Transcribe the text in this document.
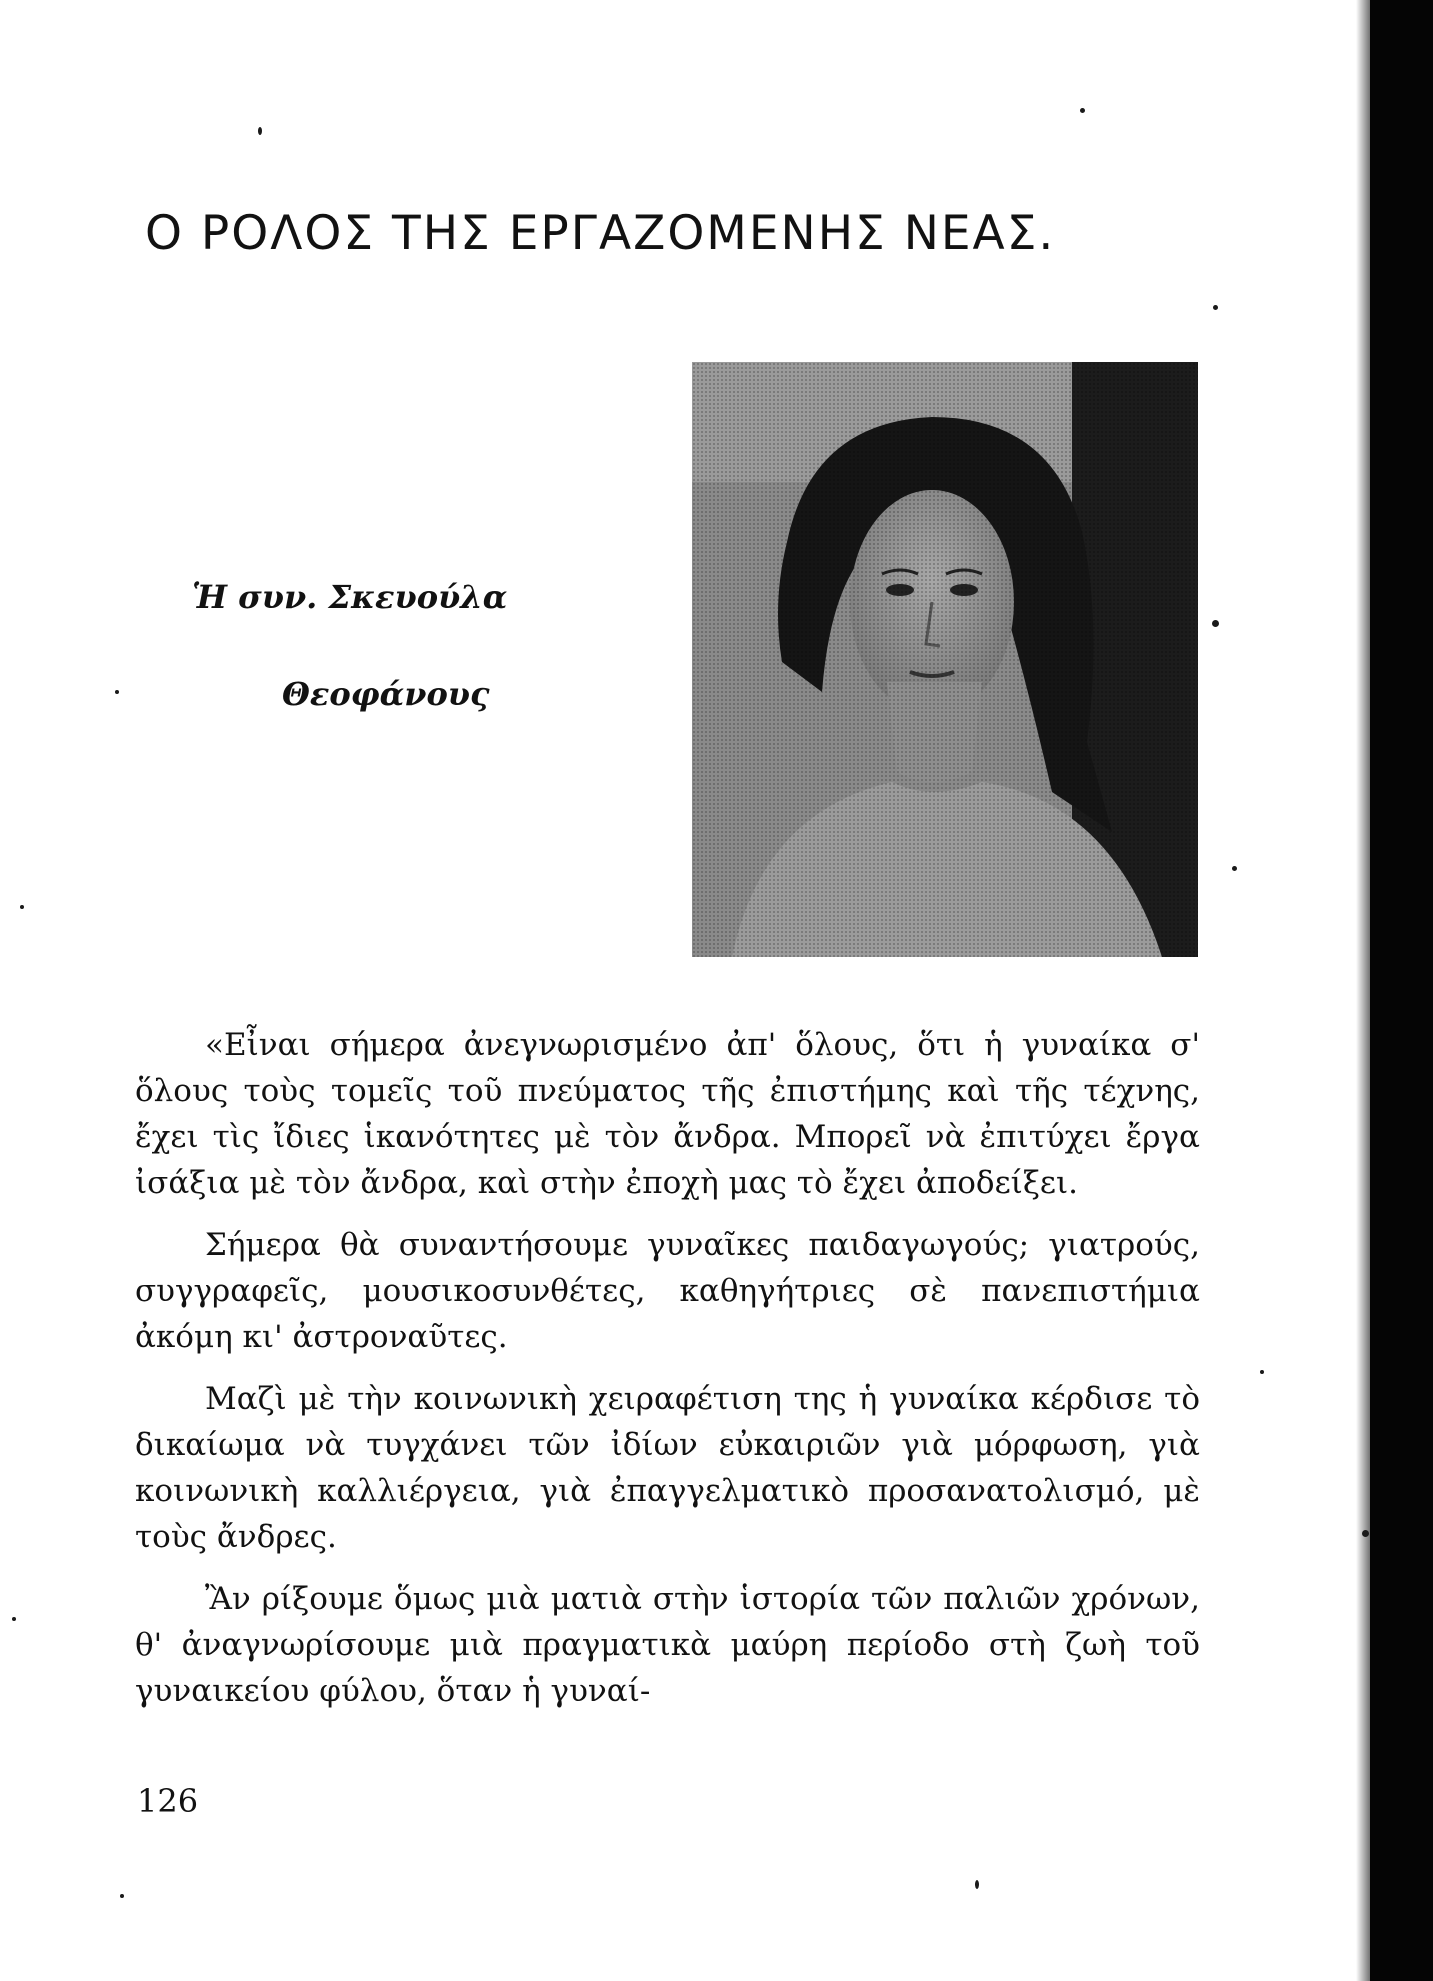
Ο ΡΟΛΟΣ ΤΗΣ ΕΡΓΑΖΟΜΕΝΗΣ ΝΕΑΣ.
Ἡ συν. Σκευούλα
Θεοφάνους

«Εἶναι σήμερα ἀνεγνωρισμένο ἀπ' ὅλους, ὅτι ἡ γυναίκα σ' ὅλους τοὺς τομεῖς τοῦ πνεύματος τῆς ἐπιστήμης καὶ τῆς τέχνης, ἔχει τὶς ἴδιες ἱκανότητες μὲ τὸν ἄνδρα. Μπορεῖ νὰ ἐπιτύχει ἔργα ἰσάξια μὲ τὸν ἄνδρα, καὶ στὴν ἐποχὴ μας τὸ ἔχει ἀποδείξει.

Σήμερα θὰ συναντήσουμε γυναῖκες παιδαγωγούς; γιατρούς, συγγραφεῖς, μουσικοσυνθέτες, καθηγήτριες σὲ πανεπιστήμια ἀκόμη κι' ἀστροναῦτες.

Μαζὶ μὲ τὴν κοινωνικὴ χειραφέτιση της ἡ γυναίκα κέρδισε τὸ δικαίωμα νὰ τυγχάνει τῶν ἰδίων εὐκαιριῶν γιὰ μόρφωση, γιὰ κοινωνικὴ καλλιέργεια, γιὰ ἐπαγγελματικὸ προσανατολισμό, μὲ τοὺς ἄνδρες.

Ἂν ρίξουμε ὅμως μιὰ ματιὰ στὴν ἱστορία τῶν παλιῶν χρόνων, θ' ἀναγνωρίσουμε μιὰ πραγματικὰ μαύρη περίοδο στὴ ζωὴ τοῦ γυναικείου φύλου, ὅταν ἡ γυναί-

126
